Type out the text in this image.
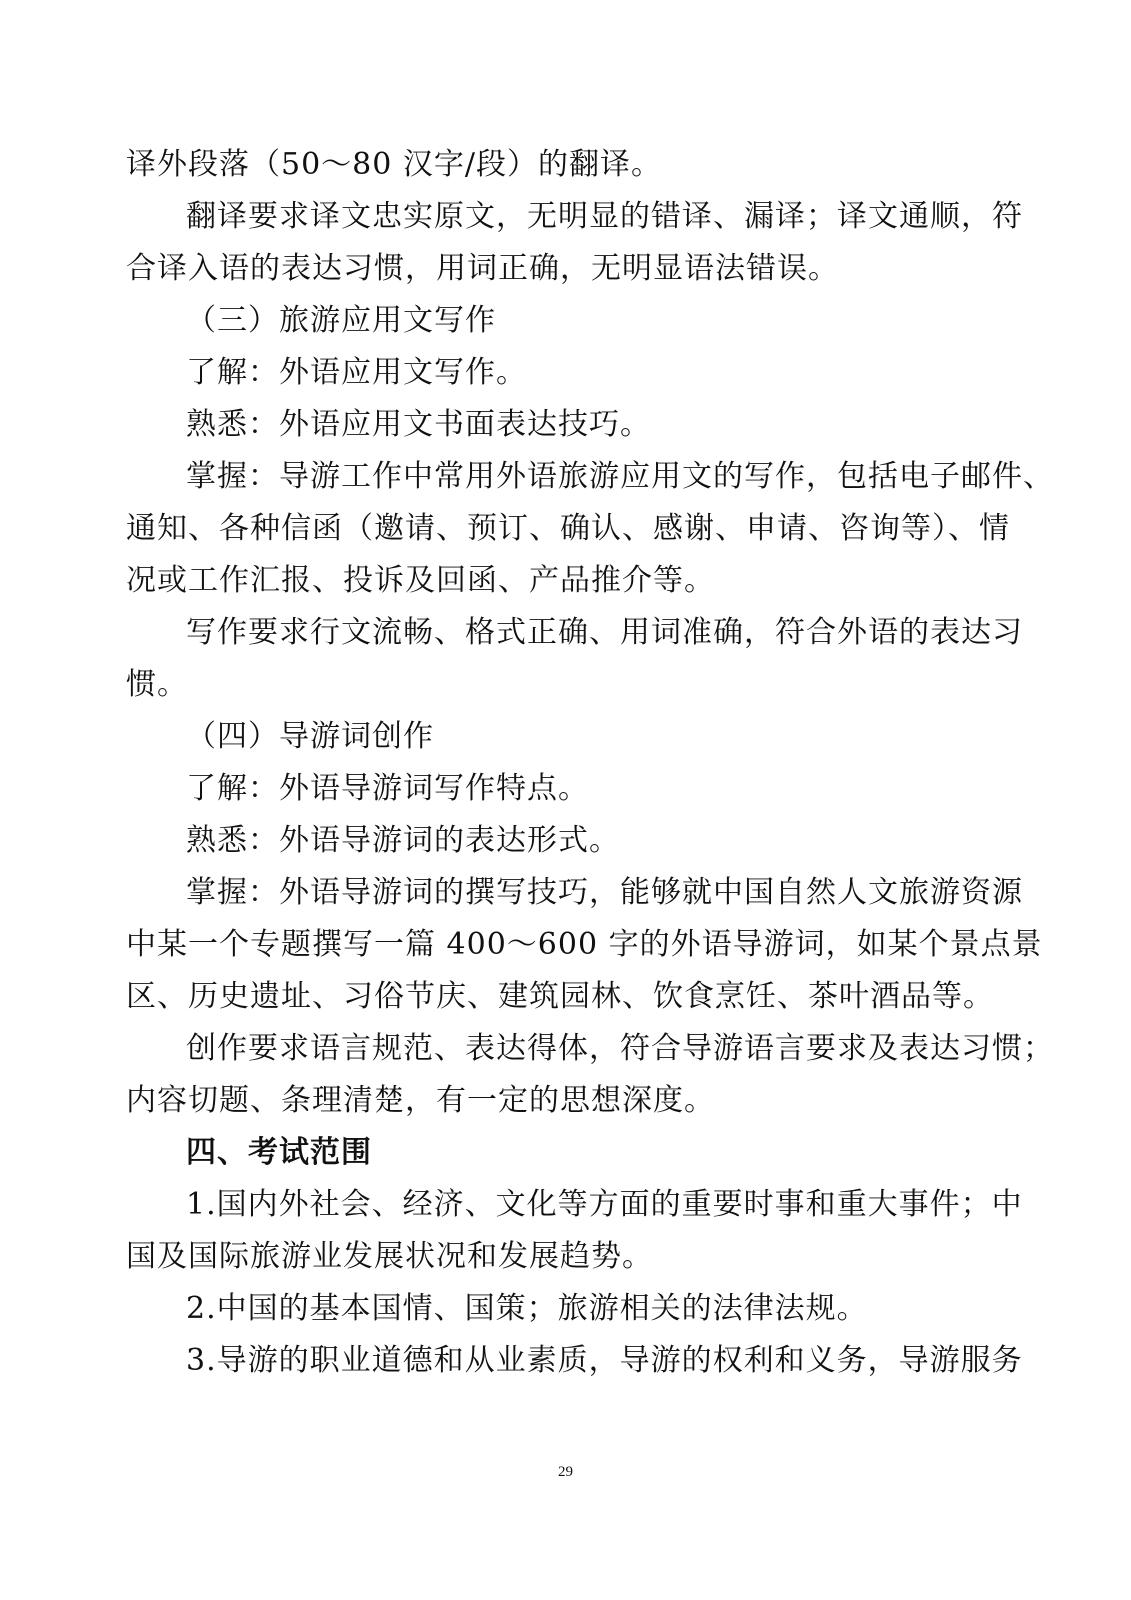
译外段落（50～80 汉字/段）的翻译。
翻译要求译文忠实原文，无明显的错译、漏译；译文通顺，符
合译入语的表达习惯，用词正确，无明显语法错误。
（三）旅游应用文写作
了解：外语应用文写作。
熟悉：外语应用文书面表达技巧。
掌握：导游工作中常用外语旅游应用文的写作，包括电子邮件、
通知、各种信函（邀请、预订、确认、感谢、申请、咨询等）、情
况或工作汇报、投诉及回函、产品推介等。
写作要求行文流畅、格式正确、用词准确，符合外语的表达习
惯。
（四）导游词创作
了解：外语导游词写作特点。
熟悉：外语导游词的表达形式。
掌握：外语导游词的撰写技巧，能够就中国自然人文旅游资源
中某一个专题撰写一篇 400～600 字的外语导游词，如某个景点景
区、历史遗址、习俗节庆、建筑园林、饮食烹饪、茶叶酒品等。
创作要求语言规范、表达得体，符合导游语言要求及表达习惯；
内容切题、条理清楚，有一定的思想深度。
四、考试范围
1.国内外社会、经济、文化等方面的重要时事和重大事件；中
国及国际旅游业发展状况和发展趋势。
2.中国的基本国情、国策；旅游相关的法律法规。
3.导游的职业道德和从业素质，导游的权利和义务，导游服务
29
